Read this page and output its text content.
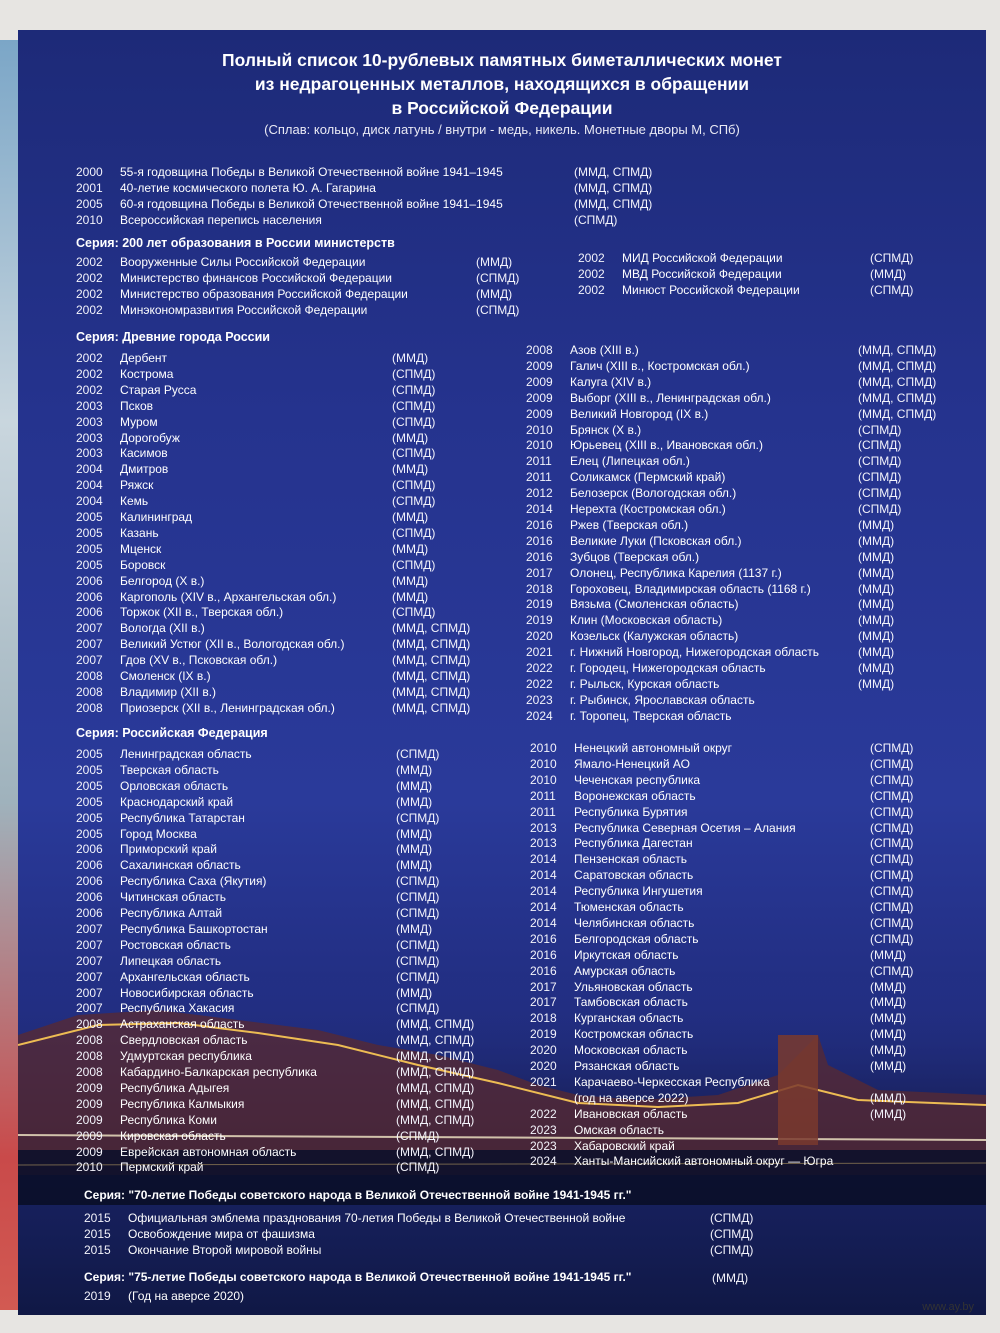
Полный список 10-рублевых памятных биметаллических монет
из недрагоценных металлов, находящихся в обращении
в Российской Федерации
(Сплав: кольцо, диск латунь / внутри - медь, никель. Монетные дворы М, СПб)
Серия: 200 лет образования в России министерств
Серия: Древние города России
Серия: Российская Федерация
Серия: "70-летие Победы советского народа в Великой Отечественной войне 1941-1945 гг."
Серия: "75-летие Победы советского народа в Великой Отечественной войне 1941-1945 гг."	(ММД)
2000 55-я годовщина Победы в Великой Отечественной войне 1941–1945	(ММД, СПМД)
2001 40-летие космического полета Ю. А. Гагарина	(ММД, СПМД)
2005 60-я годовщина Победы в Великой Отечественной войне 1941–1945	(ММД, СПМД)
2010 Всероссийская перепись населения	(СПМД)
2002 Вооруженные Силы Российской Федерации	(ММД)
2002 Министерство финансов Российской Федерации	(СПМД)
2002 Министерство образования Российской Федерации	(ММД)
2002 Минэкономразвития Российской Федерации	(СПМД)
2002 МИД Российской Федерации	(СПМД)
2002 МВД Российской Федерации	(ММД)
2002 Минюст Российской Федерации	(СПМД)
2002 Дербент	(ММД)
2002 Кострома	(СПМД)
2002 Старая Русса	(СПМД)
2003 Псков	(СПМД)
2003 Муром	(СПМД)
2003 Дорогобуж	(ММД)
2003 Касимов	(СПМД)
2004 Дмитров	(ММД)
2004 Ряжск	(СПМД)
2004 Кемь	(СПМД)
2005 Калининград	(ММД)
2005 Казань	(СПМД)
2005 Мценск	(ММД)
2005 Боровск	(СПМД)
2006 Белгород (X в.)	(ММД)
2006 Каргополь (XIV в., Архангельская обл.)	(ММД)
2006 Торжок (XII в., Тверская обл.)	(СПМД)
2007 Вологда (XII в.)	(ММД, СПМД)
2007 Великий Устюг (XII в., Вологодская обл.)	(ММД, СПМД)
2007 Гдов (XV в., Псковская обл.)	(ММД, СПМД)
2008 Смоленск (IX в.)	(ММД, СПМД)
2008 Владимир (XII в.)	(ММД, СПМД)
2008 Приозерск (XII в., Ленинградская обл.)	(ММД, СПМД)
2008 Азов (XIII в.)	(ММД, СПМД)
2009 Галич (XIII в., Костромская обл.)	(ММД, СПМД)
2009 Калуга (XIV в.)	(ММД, СПМД)
2009 Выборг (XIII в., Ленинградская обл.)	(ММД, СПМД)
2009 Великий Новгород (IX в.)	(ММД, СПМД)
2010 Брянск (X в.)	(СПМД)
2010 Юрьевец (XIII в., Ивановская обл.)	(СПМД)
2011 Елец (Липецкая обл.)	(СПМД)
2011 Соликамск (Пермский край)	(СПМД)
2012 Белозерск (Вологодская обл.)	(СПМД)
2014 Нерехта (Костромская обл.)	(СПМД)
2016 Ржев (Тверская обл.)	(ММД)
2016 Великие Луки (Псковская обл.)	(ММД)
2016 Зубцов (Тверская обл.)	(ММД)
2017 Олонец, Республика Карелия (1137 г.)	(ММД)
2018 Гороховец, Владимирская область (1168 г.)	(ММД)
2019 Вязьма (Смоленская область)	(ММД)
2019 Клин (Московская область)	(ММД)
2020 Козельск (Калужская область)	(ММД)
2021 г. Нижний Новгород, Нижегородская область	(ММД)
2022 г. Городец, Нижегородская область	(ММД)
2022 г. Рыльск, Курская область	(ММД)
2023 г. Рыбинск, Ярославская область
2024 г. Торопец, Тверская область
2005 Ленинградская область	(СПМД)
2005 Тверская область	(ММД)
2005 Орловская область	(ММД)
2005 Краснодарский край	(ММД)
2005 Республика Татарстан	(СПМД)
2005 Город Москва	(ММД)
2006 Приморский край	(ММД)
2006 Сахалинская область	(ММД)
2006 Республика Саха (Якутия)	(СПМД)
2006 Читинская область	(СПМД)
2006 Республика Алтай	(СПМД)
2007 Республика Башкортостан	(ММД)
2007 Ростовская область	(СПМД)
2007 Липецкая область	(СПМД)
2007 Архангельская область	(СПМД)
2007 Новосибирская область	(ММД)
2007 Республика Хакасия	(СПМД)
2008 Астраханская область	(ММД, СПМД)
2008 Свердловская область	(ММД, СПМД)
2008 Удмуртская республика	(ММД, СПМД)
2008 Кабардино-Балкарская республика	(ММД, СПМД)
2009 Республика Адыгея	(ММД, СПМД)
2009 Республика Калмыкия	(ММД, СПМД)
2009 Республика Коми	(ММД, СПМД)
2009 Кировская область	(СПМД)
2009 Еврейская автономная область	(ММД, СПМД)
2010 Пермский край	(СПМД)
2010 Ненецкий автономный округ	(СПМД)
2010 Ямало-Ненецкий АО	(СПМД)
2010 Чеченская республика	(СПМД)
2011 Воронежская область	(СПМД)
2011 Республика Бурятия	(СПМД)
2013 Республика Северная Осетия – Алания	(СПМД)
2013 Республика Дагестан	(СПМД)
2014 Пензенская область	(СПМД)
2014 Саратовская область	(СПМД)
2014 Республика Ингушетия	(СПМД)
2014 Тюменская область	(СПМД)
2014 Челябинская область	(СПМД)
2016 Белгородская область	(СПМД)
2016 Иркутская область	(ММД)
2016 Амурская область	(СПМД)
2017 Ульяновская область	(ММД)
2017 Тамбовская область	(ММД)
2018 Курганская область	(ММД)
2019 Костромская область	(ММД)
2020 Московская область	(ММД)
2020 Рязанская область	(ММД)
2021 Карачаево-Черкесская Республика
(год на аверсе 2022)	(ММД)
2022 Ивановская область	(ММД)
2023 Омская область
2023 Хабаровский край
2024 Ханты-Мансийский автономный округ — Югра
2015 Официальная эмблема празднования 70-летия Победы в Великой Отечественной войне	(СПМД)
2015 Освобождение мира от фашизма	(СПМД)
2015 Окончание Второй мировой войны	(СПМД)
2019 (Год на аверсе 2020)
www.ay.by
